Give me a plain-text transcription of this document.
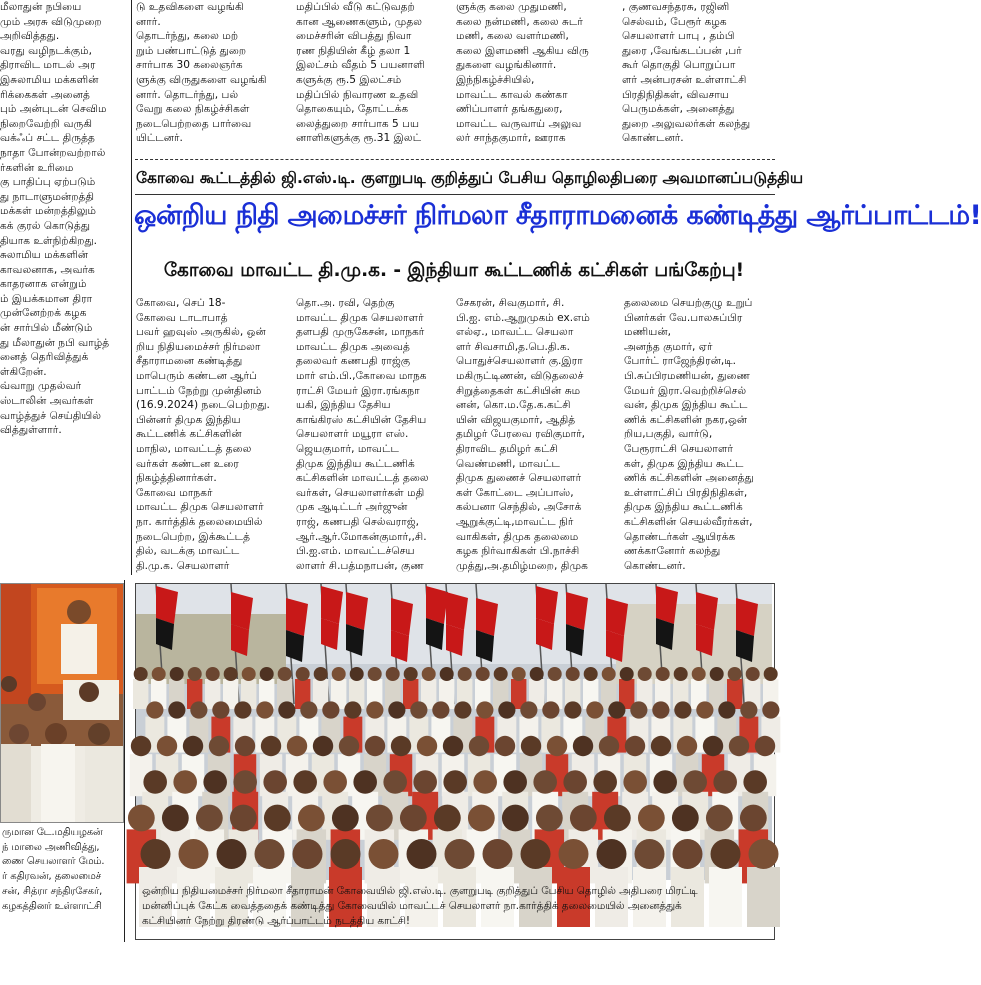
மீலாதுன் நபியை
மும் அரசு விடுமுறை
அறிவித்தது.
வரது வழிநடக்கும்,
திராவிட மாடல் அர
இசுலாமிய மக்களின்
ரிக்கைகள் அனைத்
பும் அன்புடன் செவிம
நிறைவேற்றி வருகி
வக்ஃப் சட்ட திருத்த
நாதா போன்றவற்றால்
ர்களின் உரிமை
கு பாதிப்பு ஏற்படும்
து நாடாளுமன்றத்தி
மக்கள் மன்றத்திலும்
கக் குரல் கொடுத்து
தியாக உள்நிற்கிறது.
சுலாமிய மக்களின்
காவலனாக, அவர்க
காதரனாக என்றும்
ம் இயக்கமான திரா
முன்னேற்றக் கழக
ன் சார்பில் மீண்டும்
து மீலாதுன் நபி வாழ்த்
னைத் தெரிவித்துக்
ள்கிறேன்.
வ்வாறு முதல்வர்
ஸ்டாலின் அவர்கள்
வாழ்த்துச் செய்தியில்
வித்துள்ளார்.
டு உதவிகளை வழங்கி
னார்.
தொடர்ந்து, கலை மற்
றும் பண்பாட்டுத் துறை
சார்பாக 30 கலைஞர்க
ளுக்கு விருதுகளை வழங்கி
னார். தொடர்ந்து, பல்
வேறு கலை நிகழ்ச்சிகள்
நடைபெற்றதை பார்வை
யிட்டனர்.
மதிப்பில் வீடு கட்டுவதற்
கான ஆணைகளும், முதல
மைச்சரின் விபத்து நிவா
ரண நிதியின் கீழ் தலா 1
இலட்சம் வீதம் 5 பயனாளி
களுக்கு ரூ.5 இலட்சம்
மதிப்பில் நிவாரண உதவி
தொகையும், தோட்டக்க
லைத்துறை சார்பாக 5 பய
னாளிகளுக்கு ரூ.31 இலட்
ளுக்கு கலை முதுமணி,
கலை நன்மணி, கலை சுடர்
மணி, கலை வளர்மணி,
கலை இளமணி ஆகிய விரு
துகளை வழங்கினார்.
இந்நிகழ்ச்சியில்,
மாவட்ட காவல் கண்கா
ணிப்பாளர் தங்கதுரை,
மாவட்ட வருவாய் அலுவ
லர் சாந்தகுமார், ஊராக
, குணவசந்தரசு, ரஜினி
செல்வம், பேரூர் கழக
செயலாளர் பாபு , தம்பி
துரை ,வேங்கடப்பன் ,பர்
கூர் தொகுதி பொறுப்பா
ளர் அன்பரசன் உள்ளாட்சி
பிரதிநிதிகள், விவசாய
பெருமக்கள், அனைத்து
துறை அலுவலர்கள் கலந்து
கொண்டனர்.
கோவை கூட்டத்தில் ஜி.எஸ்.டி. குளறுபடி குறித்துப் பேசிய தொழிலதிபரை அவமானப்படுத்திய
ஒன்றிய நிதி அமைச்சர் நிர்மலா சீதாராமனைக் கண்டித்து ஆர்ப்பாட்டம்!
கோவை மாவட்ட தி.மு.க. - இந்தியா கூட்டணிக் கட்சிகள் பங்கேற்பு!
கோவை, செப் 18-
கோவை டாடாபாத்
பவர் ஹவுஸ் அருகில், ஒன்
றிய நிதியமைச்சர் நிர்மலா
சீதாராமனை கண்டித்து
மாபெரும் கண்டன ஆர்ப்
பாட்டம் நேற்று முன்தினம்
(16.9.2024) நடைபெற்றது.
பின்னர் திமுக இந்திய
கூட்டணிக் கட்சிகளின்
மாநில, மாவட்டத் தலை
வர்கள் கண்டன உரை
நிகழ்த்தினார்கள்.
கோவை மாநகர்
மாவட்ட திமுக செயலாளர்
நா. கார்த்திக் தலைமையில்
நடைபெற்ற, இக்கூட்டத்
தில், வடக்கு மாவட்ட
தி.மு.க. செயலாளர்
தொ.அ. ரவி, தெற்கு
மாவட்ட திமுக செயலாளர்
தளபதி முருகேசன், மாநகர்
மாவட்ட திமுக அவைத்
தலைவர் கணபதி ராஜ்கு
மார் எம்.பி.,கோவை மாநக
ராட்சி மேயர் இரா.ரங்கநா
யகி, இந்திய தேசிய
காங்கிரஸ் கட்சியின் தேசிய
செயலாளர் மயூரா எஸ்.
ஜெயகுமார், மாவட்ட
திமுக இந்திய கூட்டணிக்
கட்சிகளின் மாவட்டத் தலை
வர்கள், செயலாளர்கள் மதி
முக ஆடிட்டர் அர்ஜுன்
ராஜ், கணபதி செல்வராஜ்,
ஆர்.ஆர்.மோகன்குமார்,,சி.
பி.ஐ.எம். மாவட்டச்செய
லாளர் சி.பத்மநாபன், குண
சேகரன், சிவகுமார், சி.
பி.ஐ. எம்.ஆறுமுகம் ex.எம்
எல்ஏ., மாவட்ட செயலா
ளர் சிவசாமி,த.பெ.தி.க.
பொதுச்செயலாளர் கு.இரா
மகிருட்டிணன், விடுதலைச்
சிறுத்தைகள் கட்சியின் சும
னன், கொ.ம.தே.க.கட்சி
யின் விஜயகுமார், ஆதித்
தமிழர் பேரவை ரவிகுமார்,
திராவிட தமிழர் கட்சி
வெண்மணி, மாவட்ட
திமுக துணைச் செயலாளர்
கள் கோட்டை அப்பாஸ்,
கல்பனா செந்தில், அசோக்
ஆறுக்குட்டி,மாவட்ட நிர்
வாகிகள், திமுக தலைமை
கழக நிர்வாகிகள் பி.நாச்சி
முத்து,அ.தமிழ்மறை, திமுக
தலைமை செயற்குழு உறுப்
பினர்கள் வே.பாலசுப்பிர
மணியன்,
அனந்த குமார், ஏர்
போர்ட் ராஜேந்திரன்,டி.
பி.சுப்பிரமணியன், துணை
மேயர் இரா.வெற்றிச்செல்
வன், திமுக இந்திய கூட்ட
ணிக் கட்சிகளின் நகர,ஒன்
றிய,பகுதி, வார்டு,
பேரூராட்சி செயலாளர்
கள், திமுக இந்திய கூட்ட
ணிக் கட்சிகளின் அனைத்து
உள்ளாட்சிப் பிரதிநிதிகள்,
திமுக இந்திய கூட்டணிக்
கட்சிகளின் செயல்வீரர்கள்,
தொண்டர்கள் ஆயிரக்க
ணக்கானோர் கலந்து
கொண்டனர்.
ருமான டே.மதியழகன்
ந் மாலை அணிவித்து,
ணை செயலாளர் மேம்.
ர் கதிரவன், தலைமைச்
சன், சித்ரா சந்திரசேகர்,
கழகத்தினர் உள்ளாட்சி
ஒன்றிய நிதியமைச்சர் நிர்மலா சீதாராமன் கோவையில் ஜி.எஸ்.டி. குளறுபடி குறித்துப் பேசிய தொழில் அதிபரை மிரட்டி
மன்னிப்புக் கேட்க வைத்ததைக் கண்டித்து கோவையில் மாவட்டச் செயலாளர் நா.கார்த்திக் தலைமையில் அனைத்துக்
கட்சியினர் நேற்று திரண்டு ஆர்ப்பாட்டம் நடத்திய காட்சி!
